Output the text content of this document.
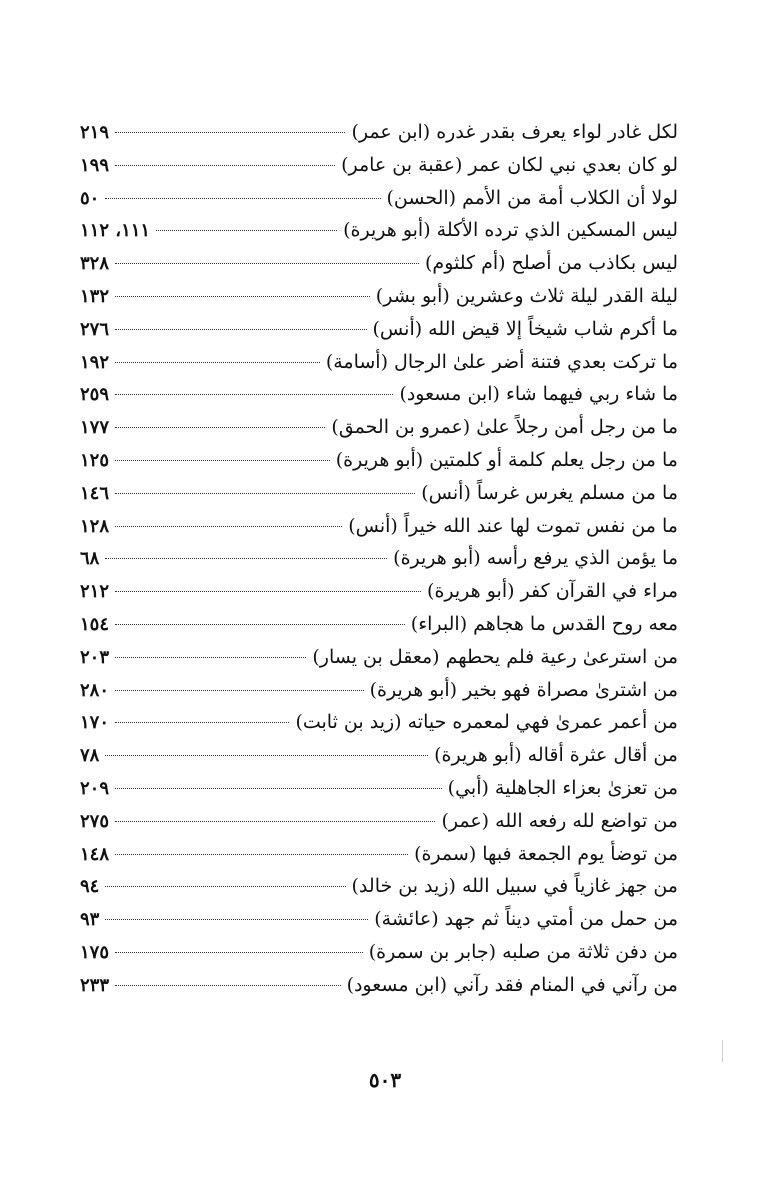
لكل غادر لواء يعرف بقدر غدره (ابن عمر)
٢١٩
لو كان بعدي نبي لكان عمر (عقبة بن عامر)
١٩٩
لولا أن الكلاب أمة من الأمم (الحسن)
٥٠
ليس المسكين الذي ترده الأكلة (أبو هريرة)
١١١، ١١٢
ليس بكاذب من أصلح (أم كلثوم)
٣٢٨
ليلة القدر ليلة ثلاث وعشرين (أبو بشر)
١٣٢
ما أكرم شاب شيخاً إلا قيض الله (أنس)
٢٧٦
ما تركت بعدي فتنة أضر علىٰ الرجال (أسامة)
١٩٢
ما شاء ربي فيهما شاء (ابن مسعود)
٢٥٩
ما من رجل أمن رجلاً علىٰ (عمرو بن الحمق)
١٧٧
ما من رجل يعلم كلمة أو كلمتين (أبو هريرة)
١٢٥
ما من مسلم يغرس غرساً (أنس)
١٤٦
ما من نفس تموت لها عند الله خيراً (أنس)
١٢٨
ما يؤمن الذي يرفع رأسه (أبو هريرة)
٦٨
مراء في القرآن كفر (أبو هريرة)
٢١٢
معه روح القدس ما هجاهم (البراء)
١٥٤
من استرعىٰ رعية فلم يحطهم (معقل بن يسار)
٢٠٣
من اشترىٰ مصراة فهو بخير (أبو هريرة)
٢٨٠
من أعمر عمرىٰ فهي لمعمره حياته (زيد بن ثابت)
١٧٠
من أقال عثرة أقاله (أبو هريرة)
٧٨
من تعزىٰ بعزاء الجاهلية (أبي)
٢٠٩
من تواضع لله رفعه الله (عمر)
٢٧٥
من توضأ يوم الجمعة فبها (سمرة)
١٤٨
من جهز غازياً في سبيل الله (زيد بن خالد)
٩٤
من حمل من أمتي ديناً ثم جهد (عائشة)
٩٣
من دفن ثلاثة من صلبه (جابر بن سمرة)
١٧٥
من رآني في المنام فقد رآني (ابن مسعود)
٢٣٣
٥٠٣
